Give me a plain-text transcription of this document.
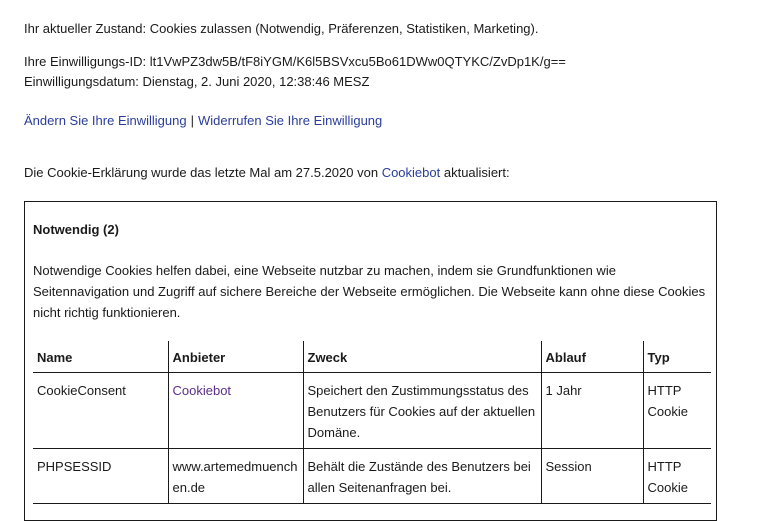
Ihr aktueller Zustand: Cookies zulassen (Notwendig, Präferenzen, Statistiken, Marketing).
Ihre Einwilligungs-ID: lt1VwPZ3dw5B/tF8iYGM/K6l5BSVxcu5Bo61DWw0QTYKC/ZvDp1K/g==
Einwilligungsdatum: Dienstag, 2. Juni 2020, 12:38:46 MESZ
Ändern Sie Ihre Einwilligung | Widerrufen Sie Ihre Einwilligung
Die Cookie-Erklärung wurde das letzte Mal am 27.5.2020 von Cookiebot aktualisiert:
Notwendig (2)
Notwendige Cookies helfen dabei, eine Webseite nutzbar zu machen, indem sie Grundfunktionen wie Seitennavigation und Zugriff auf sichere Bereiche der Webseite ermöglichen. Die Webseite kann ohne diese Cookies nicht richtig funktionieren.
Name	Anbieter	Zweck	Ablauf	Typ
CookieConsent	Cookiebot	Speichert den Zustimmungsstatus des Benutzers für Cookies auf der aktuellen Domäne.	1 Jahr	HTTP Cookie
PHPSESSID	www.artemedmuenchen.de	Behält die Zustände des Benutzers bei allen Seitenanfragen bei.	Session	HTTP Cookie
